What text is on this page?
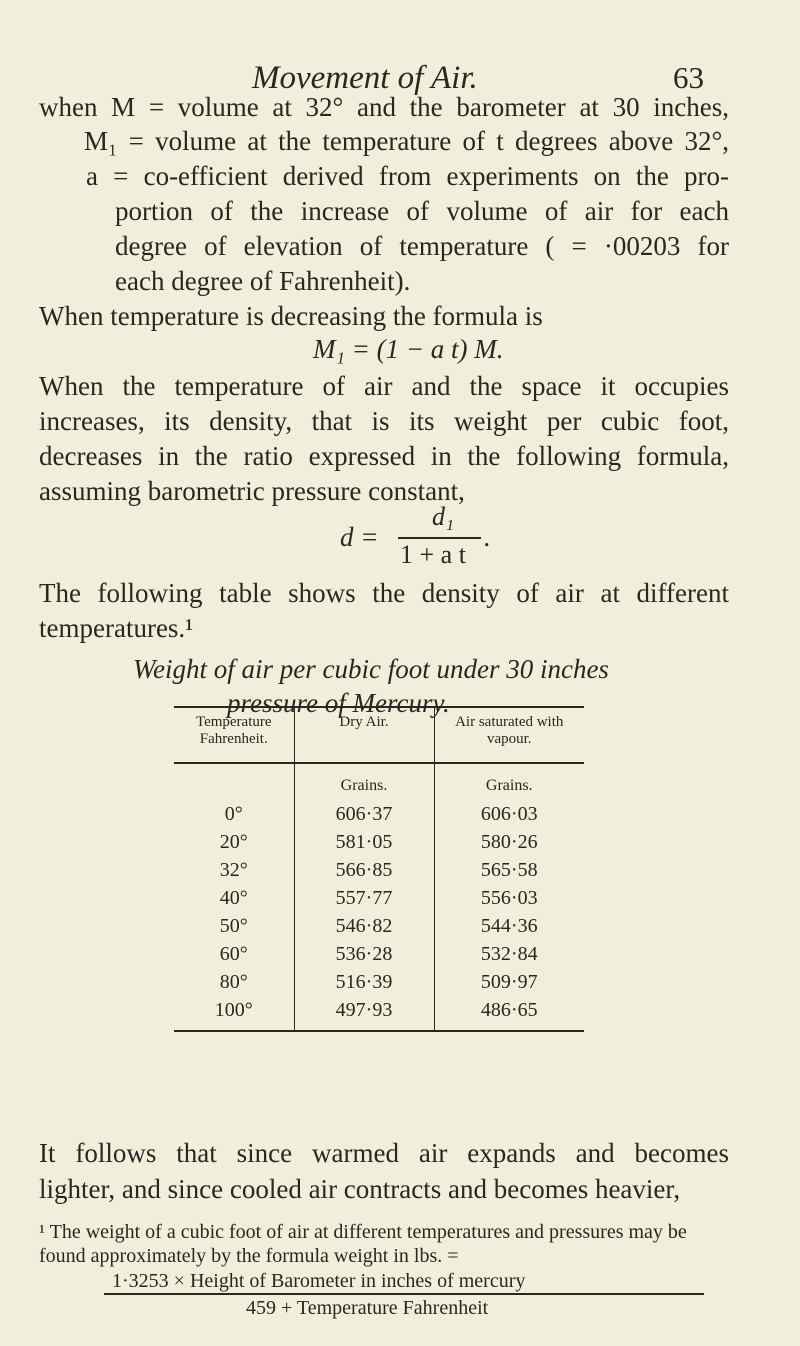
Movement of Air.	63
when M = volume at 32° and the barometer at 30 inches,
M₁ = volume at the temperature of t degrees above 32°,
a = co-efficient derived from experiments on the pro-
portion of the increase of volume of air for each
degree of elevation of temperature ( = ·00203 for
each degree of Fahrenheit).
When temperature is decreasing the formula is
M₁ = (1 − a t) M.
When the temperature of air and the space it occupies
increases, its density, that is its weight per cubic foot,
decreases in the ratio expressed in the following formula,
assuming barometric pressure constant,
d =
d₁
1 + a t
.
The following table shows the density of air at different
temperatures.¹
Weight of air per cubic foot under 30 inches
pressure of Mercury.
Temperature Fahrenheit.	Dry Air.	Air saturated with vapour.
	Grains.	Grains.
0°	606·37	606·03
20°	581·05	580·26
32°	566·85	565·58
40°	557·77	556·03
50°	546·82	544·36
60°	536·28	532·84
80°	516·39	509·97
100°	497·93	486·65
It follows that since warmed air expands and becomes
lighter, and since cooled air contracts and becomes heavier,
¹ The weight of a cubic foot of air at different temperatures and pressures may be
found approximately by the formula weight in lbs. =
1·3253 × Height of Barometer in inches of mercury
459 + Temperature Fahrenheit
